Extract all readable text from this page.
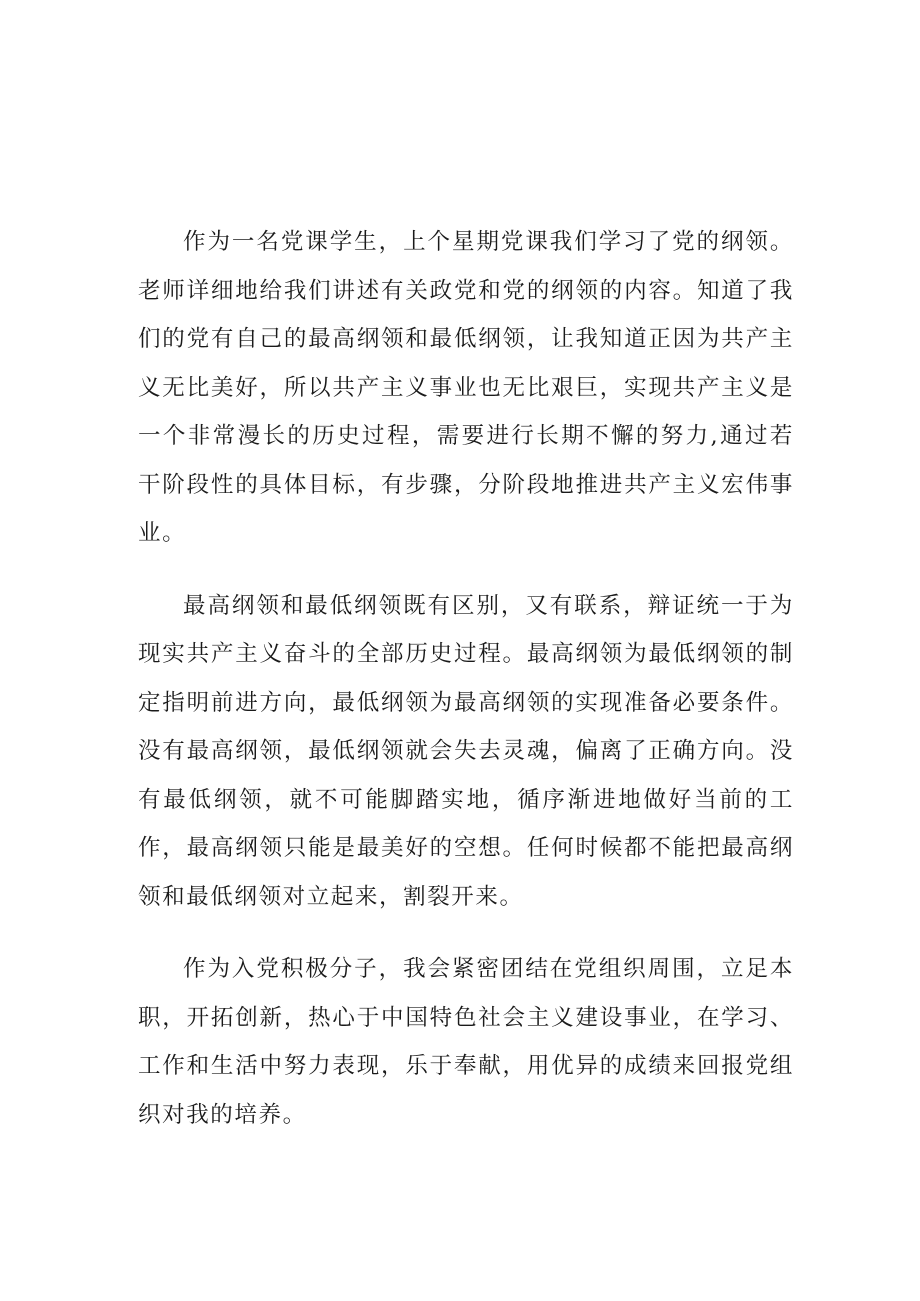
作为一名党课学生，上个星期党课我们学习了党的纲领。老师详细地给我们讲述有关政党和党的纲领的内容。知道了我们的党有自己的最高纲领和最低纲领，让我知道正因为共产主义无比美好，所以共产主义事业也无比艰巨，实现共产主义是一个非常漫长的历史过程，需要进行长期不懈的努力,通过若干阶段性的具体目标，有步骤，分阶段地推进共产主义宏伟事业。

最高纲领和最低纲领既有区别，又有联系，辩证统一于为现实共产主义奋斗的全部历史过程。最高纲领为最低纲领的制定指明前进方向，最低纲领为最高纲领的实现准备必要条件。没有最高纲领，最低纲领就会失去灵魂，偏离了正确方向。没有最低纲领，就不可能脚踏实地，循序渐进地做好当前的工作，最高纲领只能是最美好的空想。任何时候都不能把最高纲领和最低纲领对立起来，割裂开来。

作为入党积极分子，我会紧密团结在党组织周围，立足本职，开拓创新，热心于中国特色社会主义建设事业，在学习、工作和生活中努力表现，乐于奉献，用优异的成绩来回报党组织对我的培养。
